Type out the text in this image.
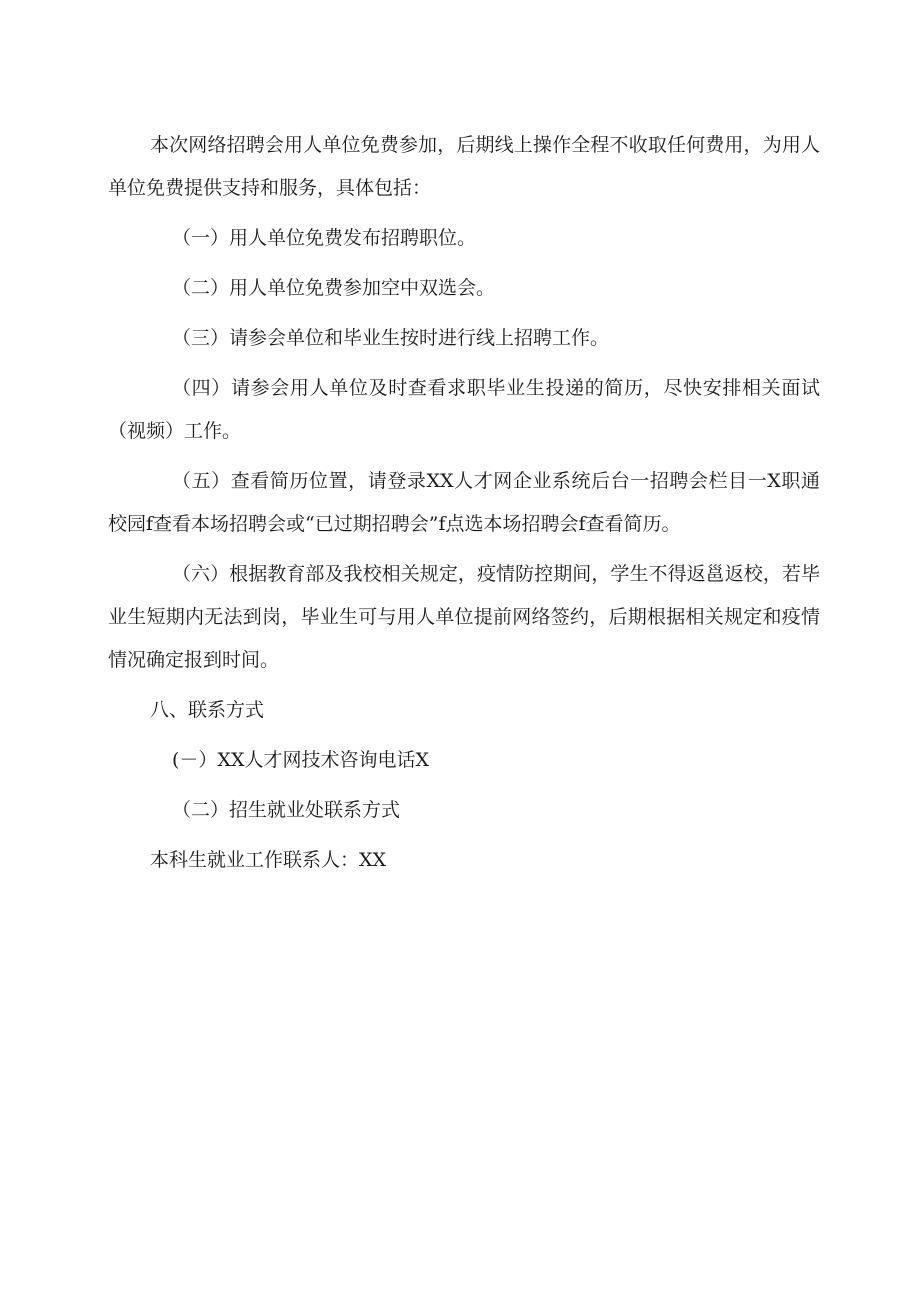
本次网络招聘会用人单位免费参加，后期线上操作全程不收取任何费用，为用人单位免费提供支持和服务，具体包括：

（一）用人单位免费发布招聘职位。

（二）用人单位免费参加空中双选会。

（三）请参会单位和毕业生按时进行线上招聘工作。

（四）请参会用人单位及时查看求职毕业生投递的简历，尽快安排相关面试（视频）工作。

（五）查看简历位置，请登录XX人才网企业系统后台一招聘会栏目一X职通校园f查看本场招聘会或“已过期招聘会”f点选本场招聘会f查看简历。

（六）根据教育部及我校相关规定，疫情防控期间，学生不得返邕返校，若毕业生短期内无法到岗，毕业生可与用人单位提前网络签约，后期根据相关规定和疫情情况确定报到时间。

八、联系方式

(－）XX人才网技术咨询电话X

（二）招生就业处联系方式

本科生就业工作联系人：XX
